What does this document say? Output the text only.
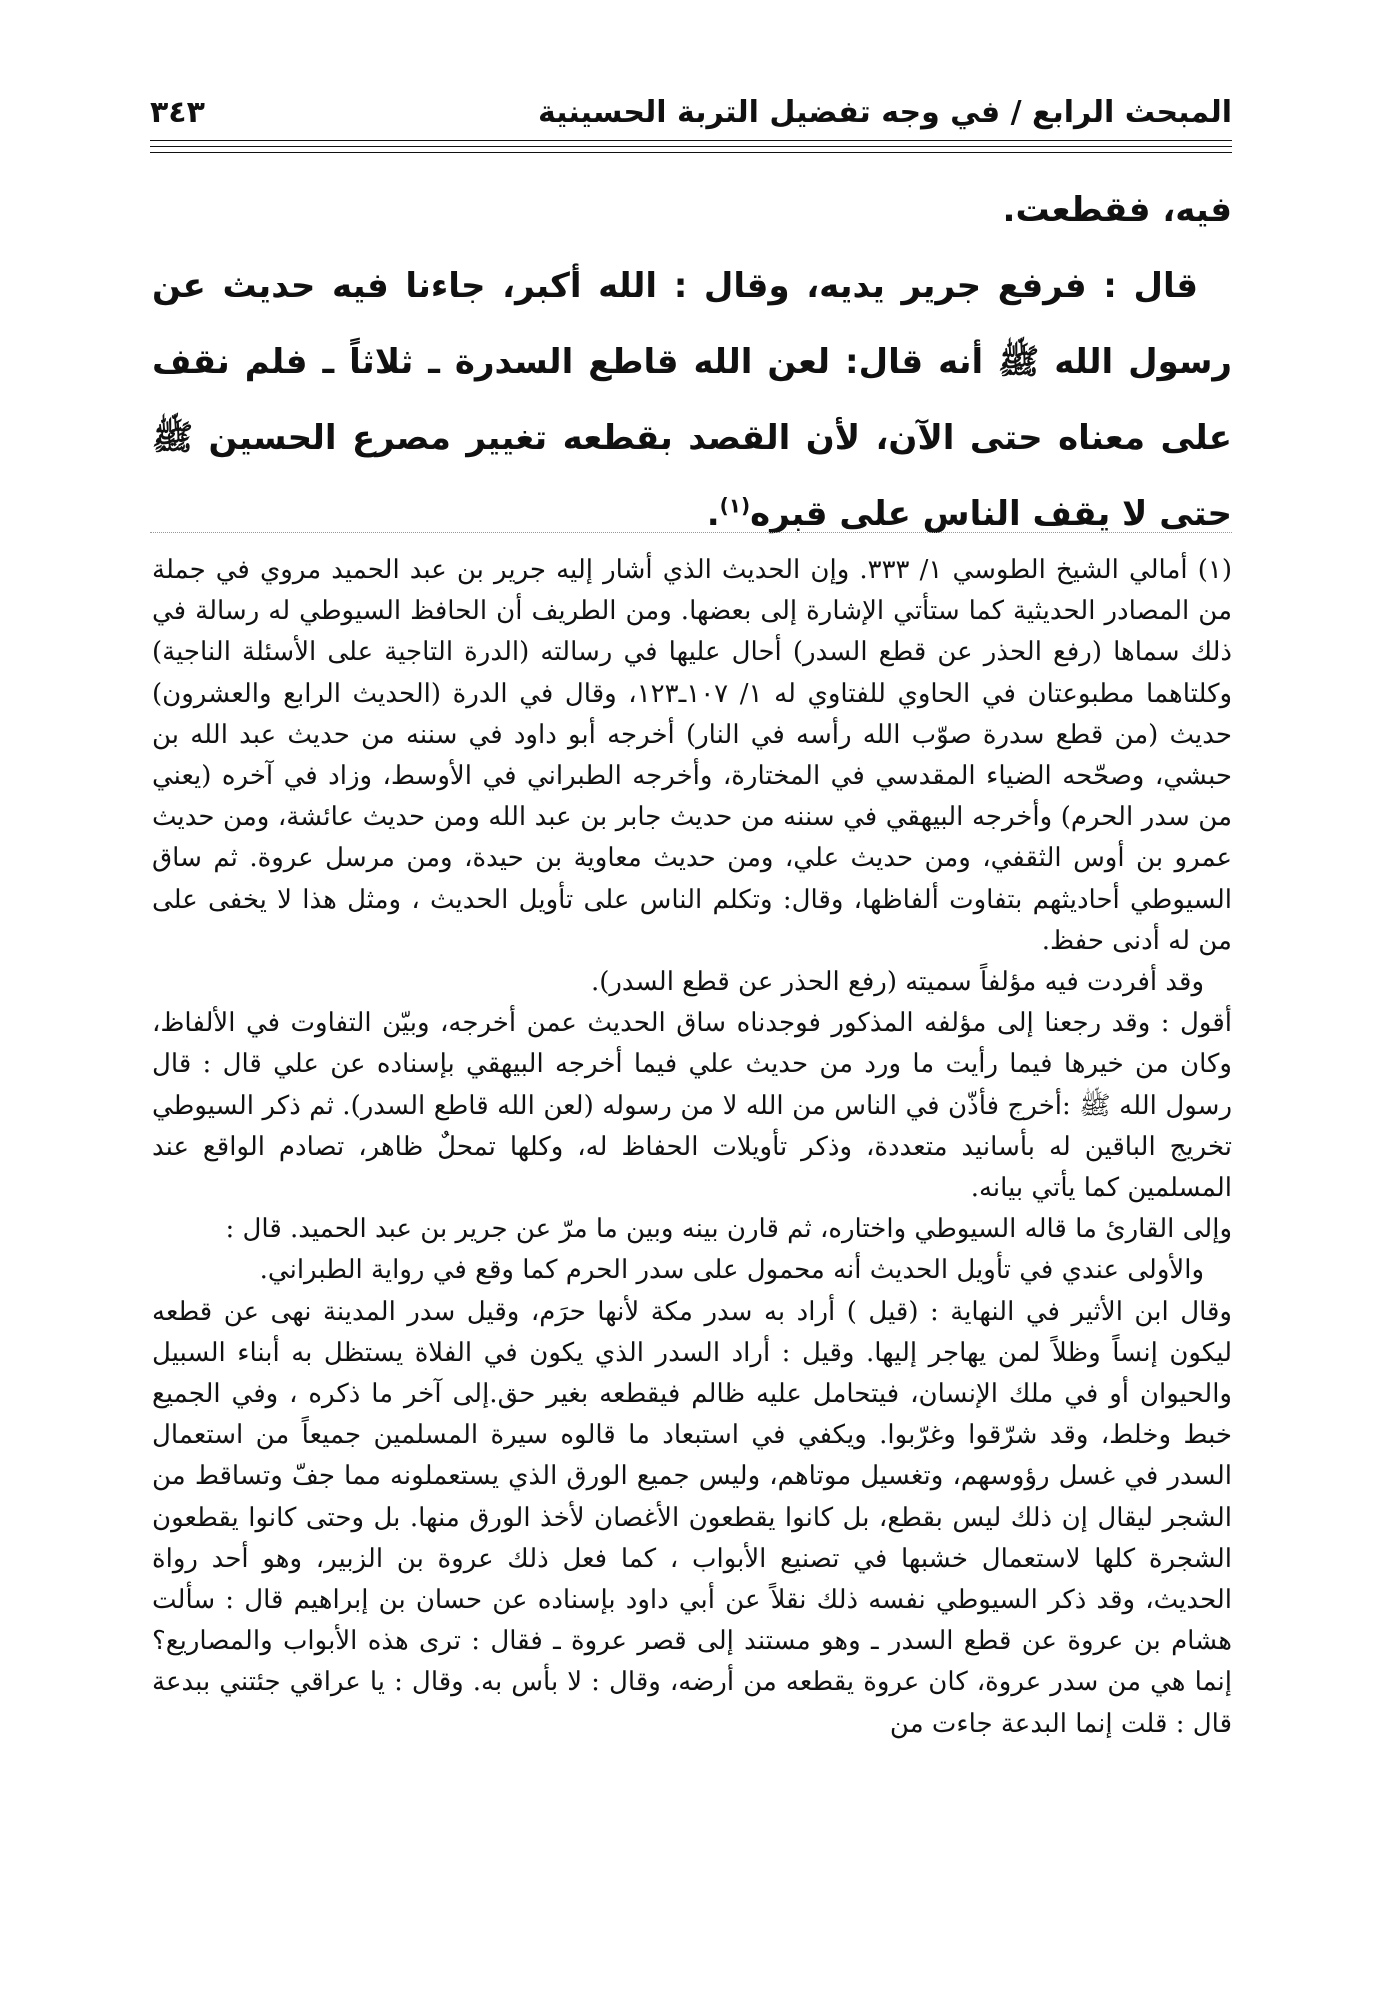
المبحث الرابع / في وجه تفضيل التربة الحسينية
٣٤٣

فيه، فقطعت.

قال : فرفع جرير يديه، وقال : الله أكبر، جاءنا فيه حديث عن رسول الله ﷺ أنه قال: لعن الله قاطع السدرة ـ ثلاثاً ـ فلم نقف على معناه حتى الآن، لأن القصد بقطعه تغيير مصرع الحسين ﷺ حتى لا يقف الناس على قبره$^{(١)}$.

(١) أمالي الشيخ الطوسي ١/ ٣٣٣. وإن الحديث الذي أشار إليه جرير بن عبد الحميد مروي في جملة من المصادر الحديثية كما ستأتي الإشارة إلى بعضها. ومن الطريف أن الحافظ السيوطي له رسالة في ذلك سماها (رفع الحذر عن قطع السدر) أحال عليها في رسالته (الدرة التاجية على الأسئلة الناجية) وكلتاهما مطبوعتان في الحاوي للفتاوي له ١/ ١٠٧ـ١٢٣، وقال في الدرة (الحديث الرابع والعشرون) حديث (من قطع سدرة صوّب الله رأسه في النار) أخرجه أبو داود في سننه من حديث عبد الله بن حبشي، وصحّحه الضياء المقدسي في المختارة، وأخرجه الطبراني في الأوسط، وزاد في آخره (يعني من سدر الحرم) وأخرجه البيهقي في سننه من حديث جابر بن عبد الله ومن حديث عائشة، ومن حديث عمرو بن أوس الثقفي، ومن حديث علي، ومن حديث معاوية بن حيدة، ومن مرسل عروة. ثم ساق السيوطي أحاديثهم بتفاوت ألفاظها، وقال: وتكلم الناس على تأويل الحديث ، ومثل هذا لا يخفى على من له أدنى حفظ.

وقد أفردت فيه مؤلفاً سميته (رفع الحذر عن قطع السدر).

أقول : وقد رجعنا إلى مؤلفه المذكور فوجدناه ساق الحديث عمن أخرجه، وبيّن التفاوت في الألفاظ، وكان من خيرها فيما رأيت ما ورد من حديث علي فيما أخرجه البيهقي بإسناده عن علي قال : قال رسول الله ﷺ :أخرج فأذّن في الناس من الله لا من رسوله (لعن الله قاطع السدر). ثم ذكر السيوطي تخريج الباقين له بأسانيد متعددة، وذكر تأويلات الحفاظ له، وكلها تمحلٌ ظاهر، تصادم الواقع عند المسلمين كما يأتي بيانه.

وإلى القارئ ما قاله السيوطي واختاره، ثم قارن بينه وبين ما مرّ عن جرير بن عبد الحميد. قال :

والأولى عندي في تأويل الحديث أنه محمول على سدر الحرم كما وقع في رواية الطبراني.

وقال ابن الأثير في النهاية : (قيل ) أراد به سدر مكة لأنها حرَم، وقيل سدر المدينة نهى عن قطعه ليكون إنساً وظلاً لمن يهاجر إليها. وقيل : أراد السدر الذي يكون في الفلاة يستظل به أبناء السبيل والحيوان أو في ملك الإنسان، فيتحامل عليه ظالم فيقطعه بغير حق.إلى آخر ما ذكره ، وفي الجميع خبط وخلط، وقد شرّقوا وغرّبوا. ويكفي في استبعاد ما قالوه سيرة المسلمين جميعاً من استعمال السدر في غسل رؤوسهم، وتغسيل موتاهم، وليس جميع الورق الذي يستعملونه مما جفّ وتساقط من الشجر ليقال إن ذلك ليس بقطع، بل كانوا يقطعون الأغصان لأخذ الورق منها. بل وحتى كانوا يقطعون الشجرة كلها لاستعمال خشبها في تصنيع الأبواب ، كما فعل ذلك عروة بن الزبير، وهو أحد رواة الحديث، وقد ذكر السيوطي نفسه ذلك نقلاً عن أبي داود بإسناده عن حسان بن إبراهيم قال : سألت هشام بن عروة عن قطع السدر ـ وهو مستند إلى قصر عروة ـ فقال : ترى هذه الأبواب والمصاريع؟ إنما هي من سدر عروة، كان عروة يقطعه من أرضه، وقال : لا بأس به. وقال : يا عراقي جئتني ببدعة قال : قلت إنما البدعة جاءت من
